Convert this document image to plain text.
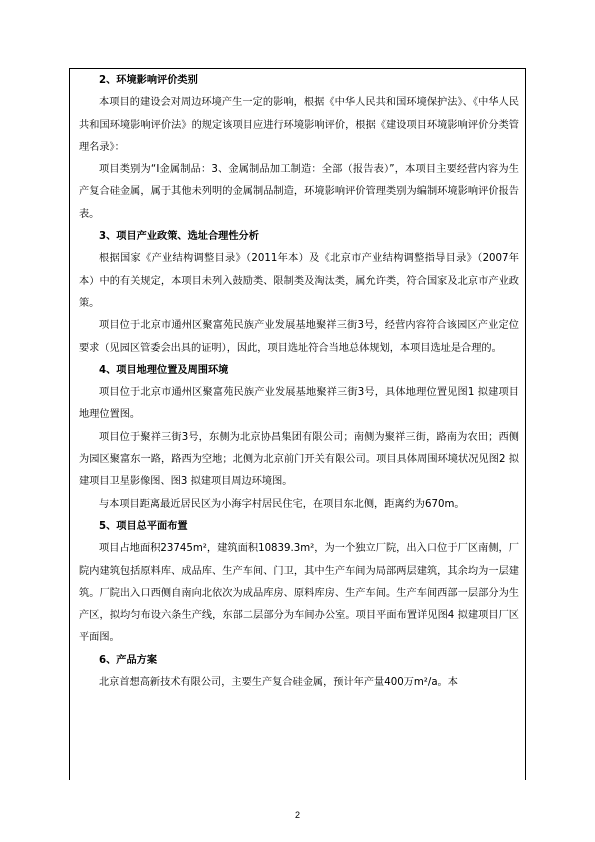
2、环境影响评价类别

本项目的建设会对周边环境产生一定的影响，根据《中华人民共和国环境保护法》、《中华人民共和国环境影响评价法》的规定该项目应进行环境影响评价，根据《建设项目环境影响评价分类管理名录》：

项目类别为“Ⅰ金属制品：3、金属制品加工制造：全部（报告表）”，本项目主要经营内容为生产复合硅金属，属于其他未列明的金属制品制造，环境影响评价管理类别为编制环境影响评价报告表。

3、项目产业政策、选址合理性分析

根据国家《产业结构调整目录》（2011年本）及《北京市产业结构调整指导目录》（2007年本）中的有关规定，本项目未列入鼓励类、限制类及淘汰类，属允许类，符合国家及北京市产业政策。

项目位于北京市通州区聚富苑民族产业发展基地聚祥三街3号，经营内容符合该园区产业定位要求（见园区管委会出具的证明），因此，项目选址符合当地总体规划，本项目选址是合理的。

4、项目地理位置及周围环境

项目位于北京市通州区聚富苑民族产业发展基地聚祥三街3号，具体地理位置见图1 拟建项目地理位置图。

项目位于聚祥三街3号，东侧为北京协昌集团有限公司；南侧为聚祥三街，路南为农田；西侧为园区聚富东一路，路西为空地；北侧为北京前门开关有限公司。项目具体周围环境状况见图2 拟建项目卫星影像图、图3 拟建项目周边环境图。

与本项目距离最近居民区为小海字村居民住宅，在项目东北侧，距离约为670m。

5、项目总平面布置

项目占地面积23745m²，建筑面积10839.3m²，为一个独立厂院，出入口位于厂区南侧，厂院内建筑包括原料库、成品库、生产车间、门卫，其中生产车间为局部两层建筑，其余均为一层建筑。厂院出入口西侧自南向北依次为成品库房、原料库房、生产车间。生产车间西部一层部分为生产区，拟均匀布设六条生产线，东部二层部分为车间办公室。项目平面布置详见图4 拟建项目厂区平面图。

6、产品方案

北京首想高新技术有限公司，主要生产复合硅金属，预计年产量400万m²/a。本

2
